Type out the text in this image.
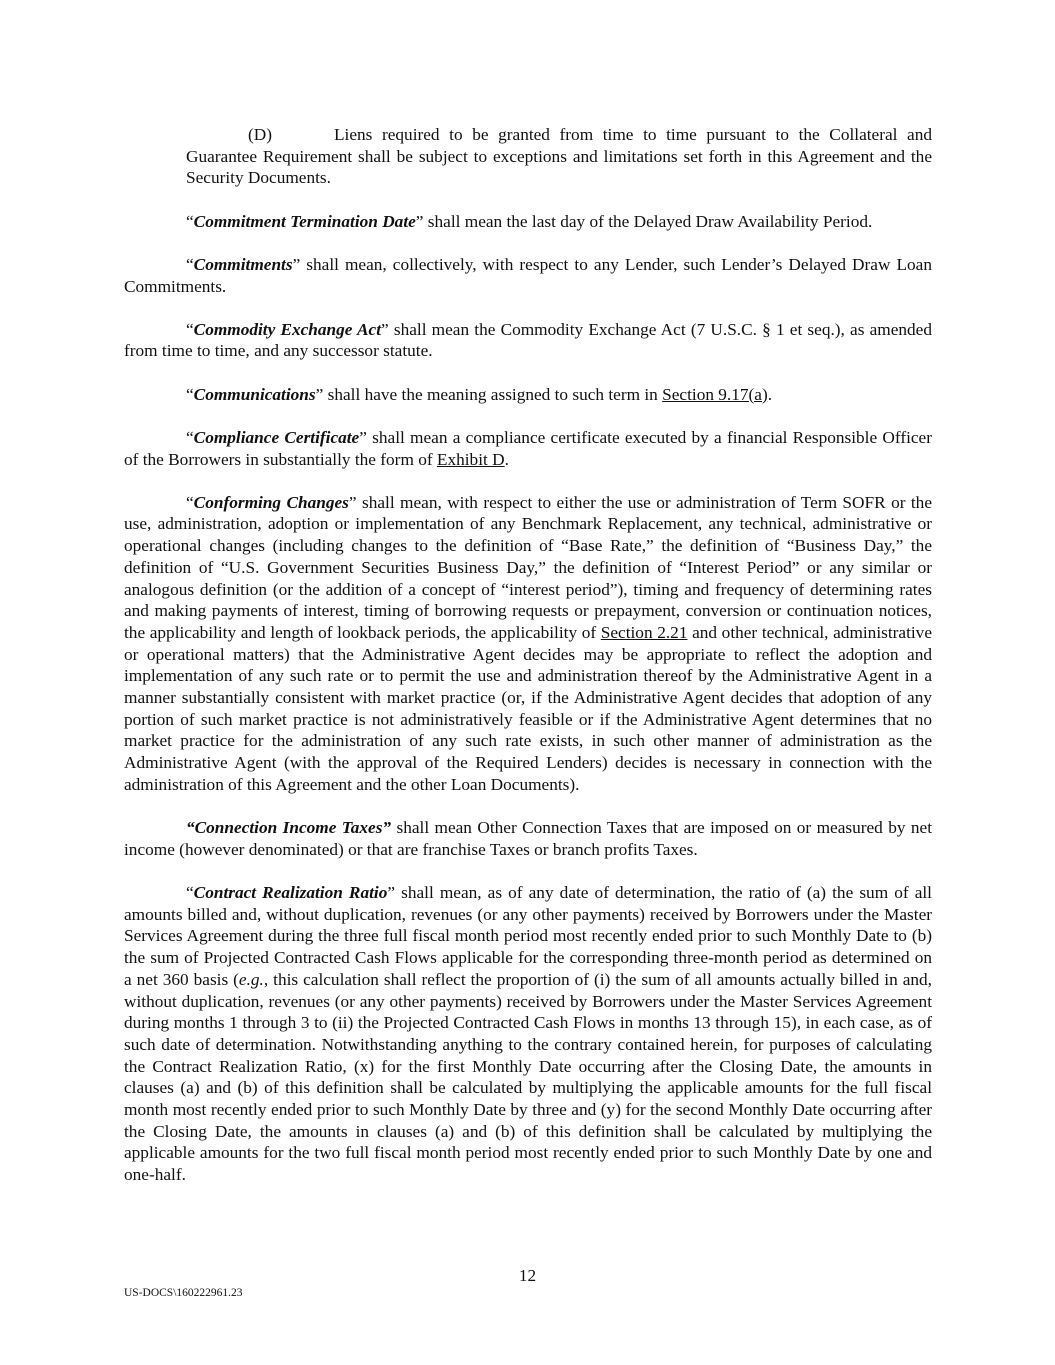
(D)	Liens required to be granted from time to time pursuant to the Collateral and Guarantee Requirement shall be subject to exceptions and limitations set forth in this Agreement and the Security Documents.

“Commitment Termination Date” shall mean the last day of the Delayed Draw Availability Period.

“Commitments” shall mean, collectively, with respect to any Lender, such Lender’s Delayed Draw Loan Commitments.

“Commodity Exchange Act” shall mean the Commodity Exchange Act (7 U.S.C. § 1 et seq.), as amended from time to time, and any successor statute.

“Communications” shall have the meaning assigned to such term in Section 9.17(a).

“Compliance Certificate” shall mean a compliance certificate executed by a financial Responsible Officer of the Borrowers in substantially the form of Exhibit D.

“Conforming Changes” shall mean, with respect to either the use or administration of Term SOFR or the use, administration, adoption or implementation of any Benchmark Replacement, any technical, administrative or operational changes (including changes to the definition of “Base Rate,” the definition of “Business Day,” the definition of “U.S. Government Securities Business Day,” the definition of “Interest Period” or any similar or analogous definition (or the addition of a concept of “interest period”), timing and frequency of determining rates and making payments of interest, timing of borrowing requests or prepayment, conversion or continuation notices, the applicability and length of lookback periods, the applicability of Section 2.21 and other technical, administrative or operational matters) that the Administrative Agent decides may be appropriate to reflect the adoption and implementation of any such rate or to permit the use and administration thereof by the Administrative Agent in a manner substantially consistent with market practice (or, if the Administrative Agent decides that adoption of any portion of such market practice is not administratively feasible or if the Administrative Agent determines that no market practice for the administration of any such rate exists, in such other manner of administration as the Administrative Agent (with the approval of the Required Lenders) decides is necessary in connection with the administration of this Agreement and the other Loan Documents).

“Connection Income Taxes” shall mean Other Connection Taxes that are imposed on or measured by net income (however denominated) or that are franchise Taxes or branch profits Taxes.

“Contract Realization Ratio” shall mean, as of any date of determination, the ratio of (a) the sum of all amounts billed and, without duplication, revenues (or any other payments) received by Borrowers under the Master Services Agreement during the three full fiscal month period most recently ended prior to such Monthly Date to (b) the sum of Projected Contracted Cash Flows applicable for the corresponding three-month period as determined on a net 360 basis (e.g., this calculation shall reflect the proportion of (i) the sum of all amounts actually billed in and, without duplication, revenues (or any other payments) received by Borrowers under the Master Services Agreement during months 1 through 3 to (ii) the Projected Contracted Cash Flows in months 13 through 15), in each case, as of such date of determination. Notwithstanding anything to the contrary contained herein, for purposes of calculating the Contract Realization Ratio, (x) for the first Monthly Date occurring after the Closing Date, the amounts in clauses (a) and (b) of this definition shall be calculated by multiplying the applicable amounts for the full fiscal month most recently ended prior to such Monthly Date by three and (y) for the second Monthly Date occurring after the Closing Date, the amounts in clauses (a) and (b) of this definition shall be calculated by multiplying the applicable amounts for the two full fiscal month period most recently ended prior to such Monthly Date by one and one-half.

12
US-DOCS\160222961.23
